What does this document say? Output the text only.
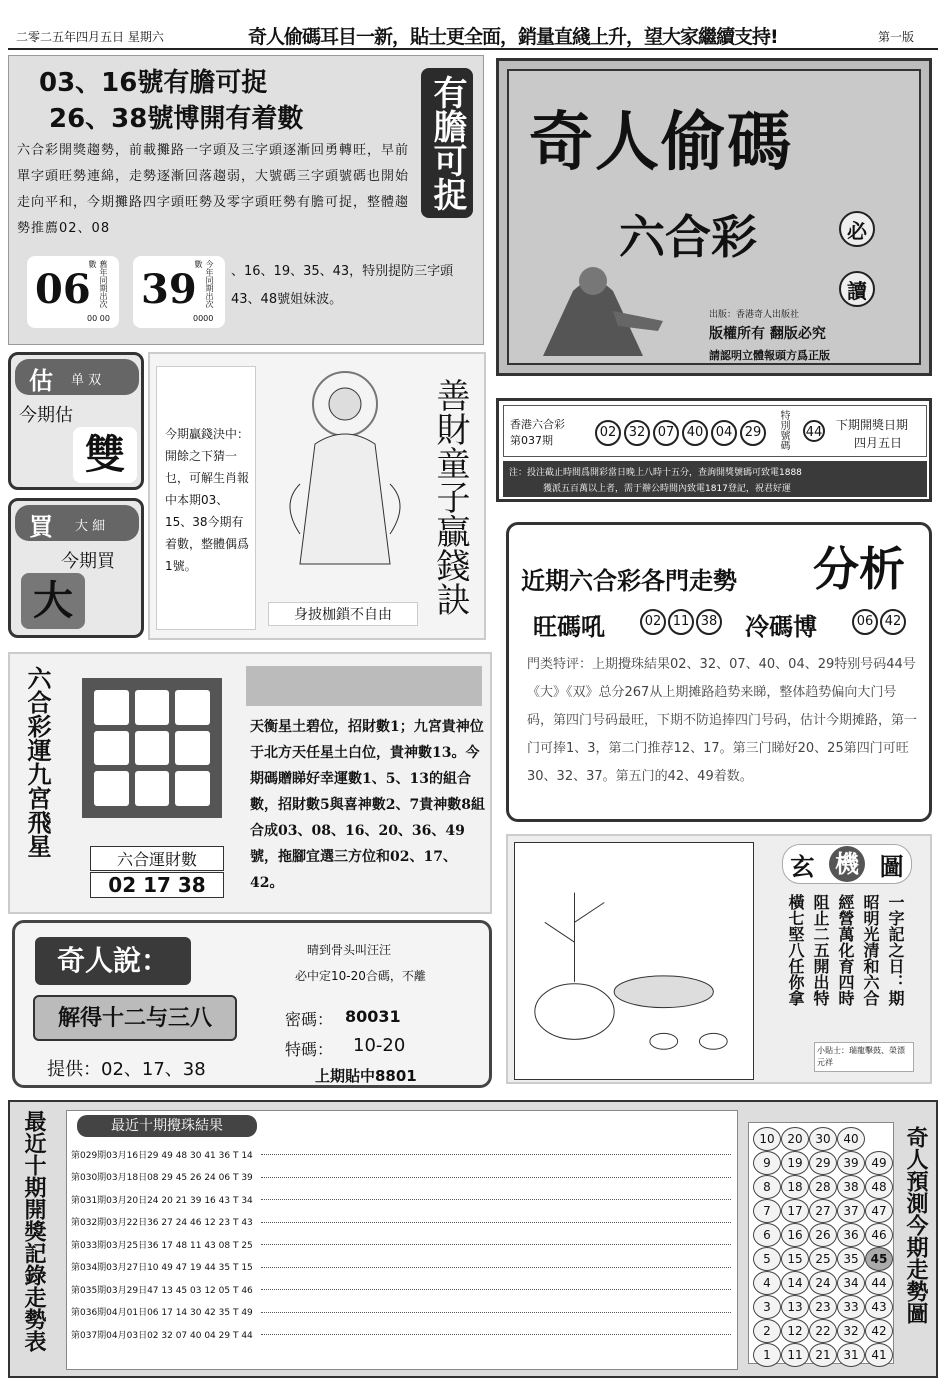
二零二五年四月五日 星期六	奇人偷碼耳目一新，貼士更全面，銷量直綫上升，望大家繼續支持!	第一版
03、16號有膽可捉
26、38號博開有着數	有膽可捉
六合彩開獎趨勢，前載攤路一字頭及三字頭逐漸回勇轉旺，早前單字頭旺勢連綿，走勢逐漸回落趨弱，大號碼三字頭號碼也開始走向平和，今期攤路四字頭旺勢及零字頭旺勢有膽可捉，整體趨勢推薦02、08
06	舊年同期出次數
00 00
39	今年同期出次數
0000
、16、19、35、43，特別提防三字頭43、48號姐妹波。
奇人偷碼
六合彩	必
讀
出版：香港奇人出版社
版權所有 翻版必究
請認明立體報頭方爲正版
估 单 双
今期估
雙
買 大 細
今期買
大
今期贏錢決中：開餘之下猜一乜，可解生肖報中本期03、15、38今期有着數，整體偶爲1號。	善財童子贏錢訣
身披枷鎖不自由
香港六合彩
第037期
02 32 07 40 04 29	特別號碼 44 下期開獎日期
四月五日
注：投注截止時間爲開彩當日晚上八時十五分，查詢開獎號碼可致電1888
獲派五百萬以上者，需于辦公時間內致電1817登記，祝君好運
近期六合彩各門走勢 分析
旺碼吼	02 11 38 冷碼博	06 42
門类特评：上期攪珠結果02、32、07、40、04、29特别号码44号《大》《双》总分267从上期摊路趋势来睇，整体趋势偏向大门号码，第四门号码最旺，下期不防追捧四门号码，估计今期摊路，第一门可捧1、3，第二门推荐12、17。第三门睇好20、25第四门可旺30、32、37。第五门的42、49着数。
六合彩運九宮飛星
六合運財數
02 17 38
天衡星土碧位，招財數1；九宮貴神位于北方天任星土白位，貴神數13。今期碼贈睇好幸運數1、5、13的組合數，招財數5與喜神數2、7貴神數8組合成03、08、16、20、36、49號，拖腳宜選三方位和02、17、42。
玄 機 圖
一字記之日：期
昭明光清和六合
經營萬化育四時
阻止二五開出特
橫七堅八任你拿
小貼士：瑞龍擊鼓、榮漂元祥
奇人說：
解得十二与三八
提供：02、17、38
晴到骨头叫汪汪
必中定10-20合碼，不離
密碼： 80031
特碼： 10-20
上期貼中8801
最近十期開獎記錄走勢表	最近十期攪珠結果
第029期03月16日29 49 48 30 41 36 T 14
第030期03月18日08 29 45 26 24 06 T 39
第031期03月20日24 20 21 39 16 43 T 34
第032期03月22日36 27 24 46 12 23 T 43
第033期03月25日36 17 48 11 43 08 T 25
第034期03月27日10 49 47 19 44 35 T 15
第035期03月29日47 13 45 03 12 05 T 46
第036期04月01日06 17 14 30 42 35 T 49
第037期04月03日02 32 07 40 04 29 T 44
10	20	30	40
9	19	29	39	49
8	18	28	38	48
7	17	27	37	47
6	16	26	36	46
5	15	25	35	45
4	14	24	34	44
3	13	23	33	43
2	12	22	32	42
1	11	21	31	41
奇人預測今期走勢圖
